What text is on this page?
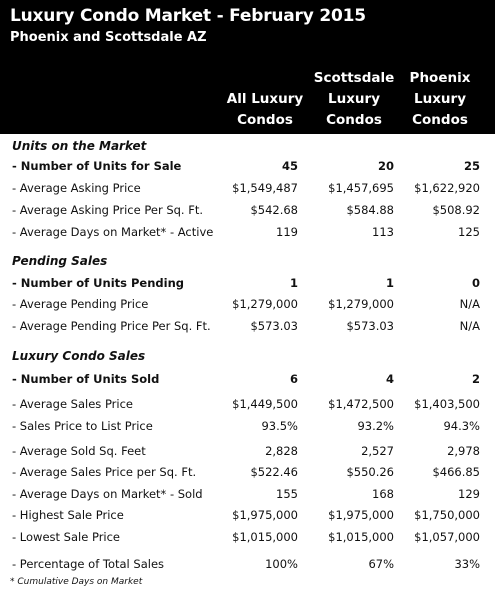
Luxury Condo Market - February 2015
Phoenix and Scottsdale AZ
All Luxury
Condos
Scottsdale
Luxury
Condos
Phoenix
Luxury
Condos
Units on the Market
- Number of Units for Sale	45	20	25
- Average Asking Price	$1,549,487	$1,457,695 $1,622,920
- Average Asking Price Per Sq. Ft.	$542.68	$584.88	$508.92
- Average Days on Market* - Active	119	113	125
Pending Sales
- Number of Units Pending	1	1	0
- Average Pending Price	$1,279,000	$1,279,000	N/A
- Average Pending Price Per Sq. Ft.	$573.03	$573.03	N/A
Luxury Condo Sales
- Number of Units Sold	6	4	2
- Average Sales Price	$1,449,500	$1,472,500 $1,403,500
- Sales Price to List Price	93.5%	93.2%	94.3%
- Average Sold Sq. Feet	2,828	2,527	2,978
- Average Sales Price per Sq. Ft.	$522.46	$550.26	$466.85
- Average Days on Market* - Sold	155	168	129
- Highest Sale Price	$1,975,000	$1,975,000 $1,750,000
- Lowest Sale Price	$1,015,000	$1,015,000 $1,057,000
- Percentage of Total Sales	100%	67%	33%
* Cumulative Days on Market
